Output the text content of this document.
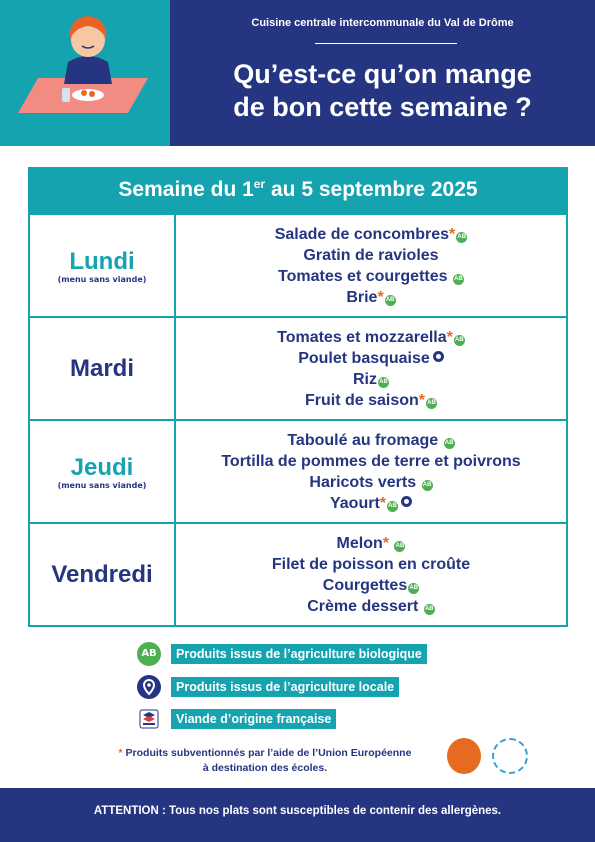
Cuisine centrale intercommunale du Val de Drôme
Qu’est-ce qu’on mange
de bon cette semaine ?
Semaine du 1er au 5 septembre 2025
Lundi
(menu sans viande)
Salade de concombres* AB
Gratin de ravioles
Tomates et courgettes AB
Brie* AB
Mardi
Tomates et mozzarella* AB
Poulet basquaise
Riz AB
Fruit de saison* AB
Jeudi
(menu sans viande)
Taboulé au fromage AB
Tortilla de pommes de terre et poivrons
Haricots verts AB
Yaourt* AB
Vendredi
Melon* AB
Filet de poisson en croûte
Courgettes AB
Crème dessert AB
AB	Produits issus de l’agriculture biologique
Produits issus de l’agriculture locale
Viande d’origine française
* Produits subventionnés par l’aide de l’Union Européenne
à destination des écoles.
ATTENTION : Tous nos plats sont susceptibles de contenir des allergènes.
